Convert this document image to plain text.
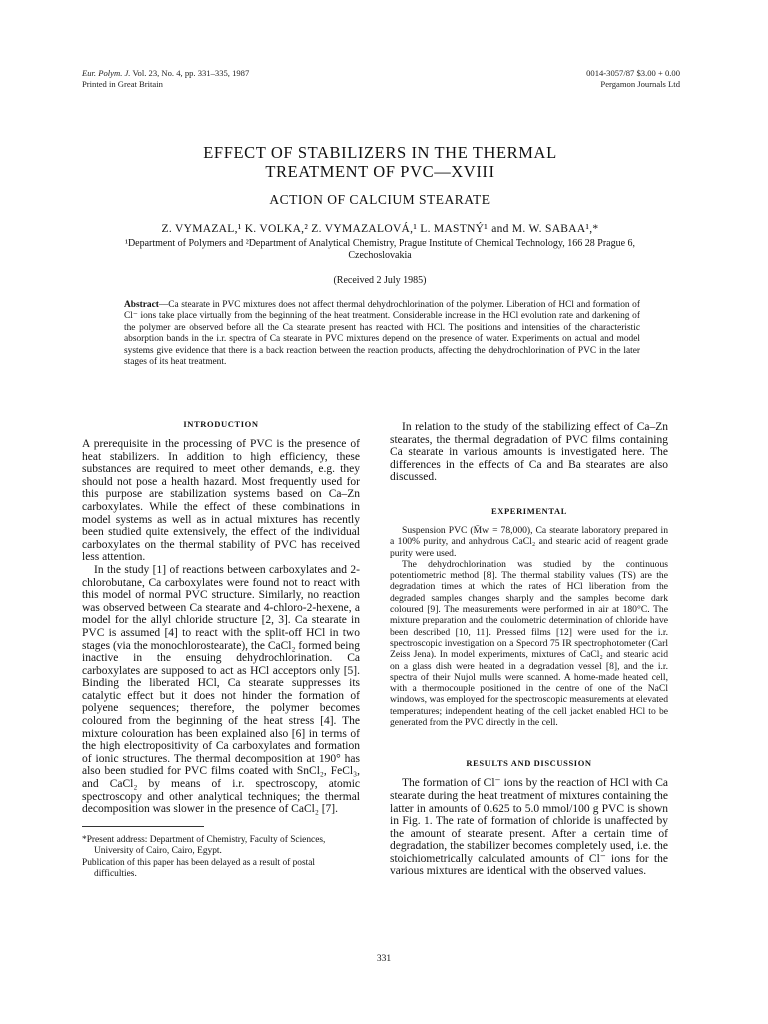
Eur. Polym. J. Vol. 23, No. 4, pp. 331–335, 1987
Printed in Great Britain
0014-3057/87 $3.00 + 0.00
Pergamon Journals Ltd
EFFECT OF STABILIZERS IN THE THERMAL
TREATMENT OF PVC—XVIII
ACTION OF CALCIUM STEARATE
Z. VYMAZAL,¹ K. VOLKA,² Z. VYMAZALOVÁ,¹ L. MASTNÝ¹ and M. W. SABAA¹,*
¹Department of Polymers and ²Department of Analytical Chemistry, Prague Institute of Chemical Technology, 166 28 Prague 6, Czechoslovakia
(Received 2 July 1985)
Abstract—Ca stearate in PVC mixtures does not affect thermal dehydrochlorination of the polymer. Liberation of HCl and formation of Cl⁻ ions take place virtually from the beginning of the heat treatment. Considerable increase in the HCl evolution rate and darkening of the polymer are observed before all the Ca stearate present has reacted with HCl. The positions and intensities of the characteristic absorption bands in the i.r. spectra of Ca stearate in PVC mixtures depend on the presence of water. Experiments on actual and model systems give evidence that there is a back reaction between the reaction products, affecting the dehydrochlorination of PVC in the later stages of its heat treatment.
INTRODUCTION

A prerequisite in the processing of PVC is the presence of heat stabilizers. In addition to high efficiency, these substances are required to meet other demands, e.g. they should not pose a health hazard. Most frequently used for this purpose are stabilization systems based on Ca–Zn carboxylates. While the effect of these combinations in model systems as well as in actual mixtures has recently been studied quite extensively, the effect of the individual carboxylates on the thermal stability of PVC has received less attention.

In the study [1] of reactions between carboxylates and 2-chlorobutane, Ca carboxylates were found not to react with this model of normal PVC structure. Similarly, no reaction was observed between Ca stearate and 4-chloro-2-hexene, a model for the allyl chloride structure [2, 3]. Ca stearate in PVC is assumed [4] to react with the split-off HCl in two stages (via the monochlorostearate), the CaCl₂ formed being inactive in the ensuing dehydrochlorination. Ca carboxylates are supposed to act as HCl acceptors only [5]. Binding the liberated HCl, Ca stearate suppresses its catalytic effect but it does not hinder the formation of polyene sequences; therefore, the polymer becomes coloured from the beginning of the heat stress [4]. The mixture colouration has been explained also [6] in terms of the high electropositivity of Ca carboxylates and formation of ionic structures. The thermal decomposition at 190° has also been studied for PVC films coated with SnCl₂, FeCl₃, and CaCl₂ by means of i.r. spectroscopy, atomic spectroscopy and other analytical techniques; the thermal decomposition was slower in the presence of CaCl₂ [7].

*Present address: Department of Chemistry, Faculty of Sciences, University of Cairo, Cairo, Egypt.

Publication of this paper has been delayed as a result of postal difficulties.

In relation to the study of the stabilizing effect of Ca–Zn stearates, the thermal degradation of PVC films containing Ca stearate in various amounts is investigated here. The differences in the effects of Ca and Ba stearates are also discussed.

EXPERIMENTAL

Suspension PVC (M̄w = 78,000), Ca stearate laboratory prepared in a 100% purity, and anhydrous CaCl₂ and stearic acid of reagent grade purity were used.

The dehydrochlorination was studied by the continuous potentiometric method [8]. The thermal stability values (TS) are the degradation times at which the rates of HCl liberation from the degraded samples changes sharply and the samples become dark coloured [9]. The measurements were performed in air at 180°C. The mixture preparation and the coulometric determination of chloride have been described [10, 11]. Pressed films [12] were used for the i.r. spectroscopic investigation on a Specord 75 IR spectrophotometer (Carl Zeiss Jena). In model experiments, mixtures of CaCl₂ and stearic acid on a glass dish were heated in a degradation vessel [8], and the i.r. spectra of their Nujol mulls were scanned. A home-made heated cell, with a thermocouple positioned in the centre of one of the NaCl windows, was employed for the spectroscopic measurements at elevated temperatures; independent heating of the cell jacket enabled HCl to be generated from the PVC directly in the cell.

RESULTS AND DISCUSSION

The formation of Cl⁻ ions by the reaction of HCl with Ca stearate during the heat treatment of mixtures containing the latter in amounts of 0.625 to 5.0 mmol/100 g PVC is shown in Fig. 1. The rate of formation of chloride is unaffected by the amount of stearate present. After a certain time of degradation, the stabilizer becomes completely used, i.e. the stoichiometrically calculated amounts of Cl⁻ ions for the various mixtures are identical with the observed values.

331
